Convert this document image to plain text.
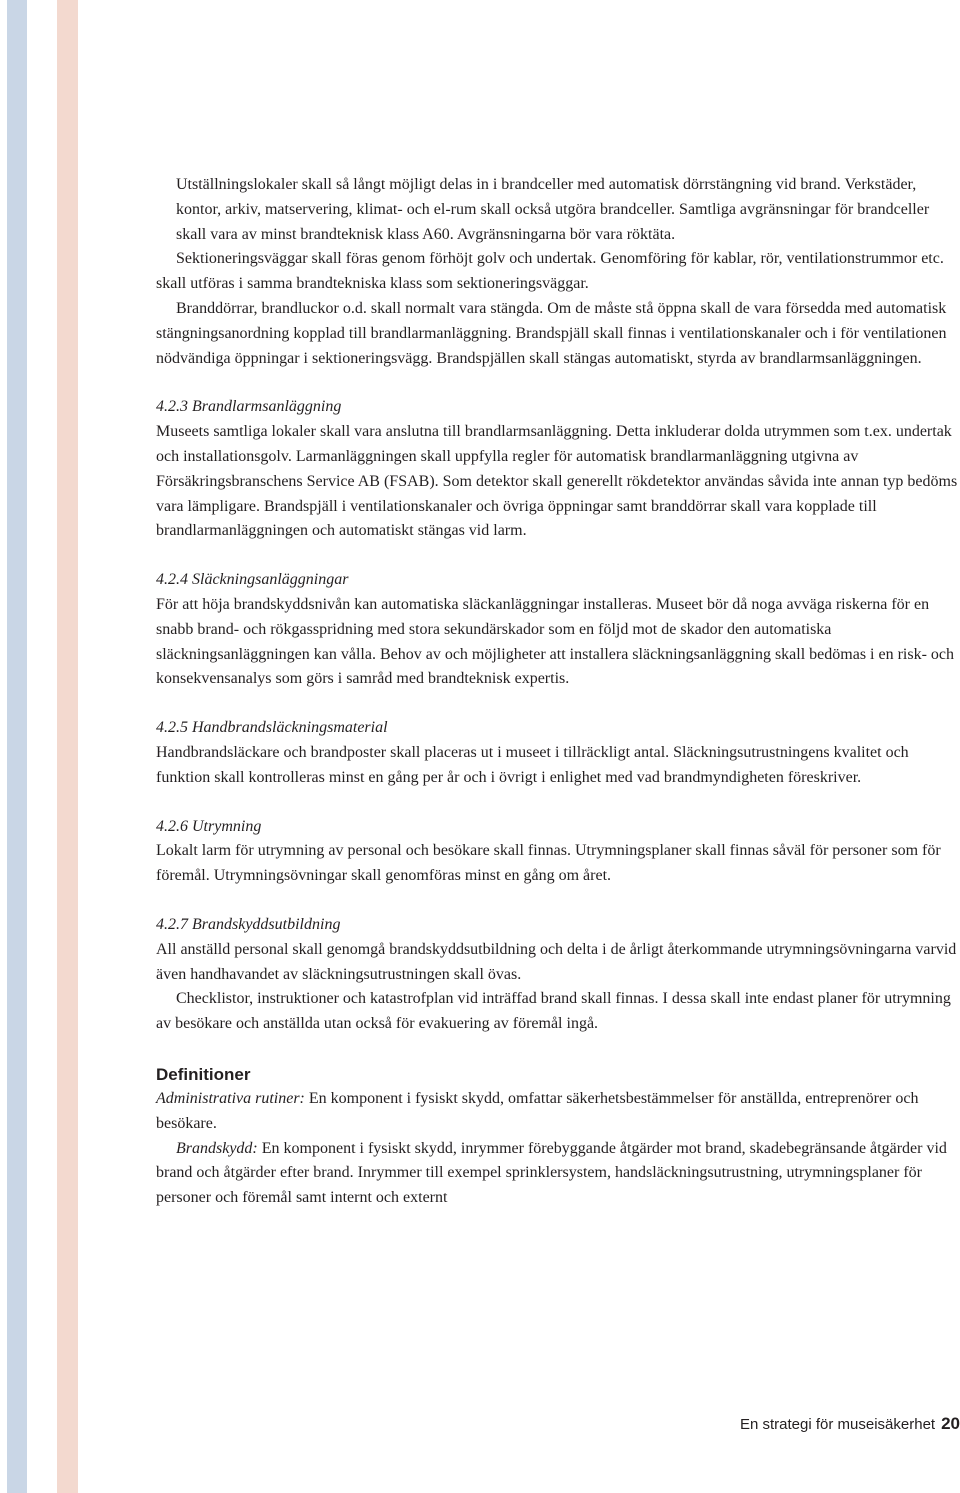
Utställningslokaler skall så långt möjligt delas in i brandceller med automatisk dörrstängning vid brand. Verkstäder, kontor, arkiv, matservering, klimat- och el-rum skall också utgöra brandceller. Samtliga avgränsningar för brandceller skall vara av minst brandteknisk klass A60. Avgränsningarna bör vara röktäta.

Sektioneringsväggar skall föras genom förhöjt golv och undertak. Genomföring för kablar, rör, ventilationstrummor etc. skall utföras i samma brandtekniska klass som sektioneringsväggar.

Branddörrar, brandluckor o.d. skall normalt vara stängda. Om de måste stå öppna skall de vara försedda med automatisk stängningsanordning kopplad till brandlarmanläggning. Brandspjäll skall finnas i ventilationskanaler och i för ventilationen nödvändiga öppningar i sektioneringsvägg. Brandspjällen skall stängas automatiskt, styrda av brandlarmsanläggningen.

4.2.3 Brandlarmsanläggning

Museets samtliga lokaler skall vara anslutna till brandlarmsanläggning. Detta inkluderar dolda utrymmen som t.ex. undertak och installationsgolv. Larmanläggningen skall uppfylla regler för automatisk brandlarmanläggning utgivna av Försäkringsbranschens Service AB (FSAB). Som detektor skall generellt rökdetektor användas såvida inte annan typ bedöms vara lämpligare. Brandspjäll i ventilationskanaler och övriga öppningar samt branddörrar skall vara kopplade till brandlarmanläggningen och automatiskt stängas vid larm.

4.2.4 Släckningsanläggningar

För att höja brandskyddsnivån kan automatiska släckanläggningar installeras. Museet bör då noga avväga riskerna för en snabb brand- och rökgasspridning med stora sekundärskador som en följd mot de skador den automatiska släckningsanläggningen kan vålla. Behov av och möjligheter att installera släckningsanläggning skall bedömas i en risk- och konsekvensanalys som görs i samråd med brandteknisk expertis.

4.2.5 Handbrandsläckningsmaterial

Handbrandsläckare och brandposter skall placeras ut i museet i tillräckligt antal. Släckningsutrustningens kvalitet och funktion skall kontrolleras minst en gång per år och i övrigt i enlighet med vad brandmyndigheten föreskriver.

4.2.6 Utrymning

Lokalt larm för utrymning av personal och besökare skall finnas. Utrymningsplaner skall finnas såväl för personer som för föremål. Utrymningsövningar skall genomföras minst en gång om året.

4.2.7 Brandskyddsutbildning

All anställd personal skall genomgå brandskyddsutbildning och delta i de årligt återkommande utrymningsövningarna varvid även handhavandet av släckningsutrustningen skall övas.

Checklistor, instruktioner och katastrofplan vid inträffad brand skall finnas. I dessa skall inte endast planer för utrymning av besökare och anställda utan också för evakuering av föremål ingå.

Definitioner

Administrativa rutiner: En komponent i fysiskt skydd, omfattar säkerhetsbestämmelser för anställda, entreprenörer och besökare.

Brandskydd: En komponent i fysiskt skydd, inrymmer förebyggande åtgärder mot brand, skadebegränsande åtgärder vid brand och åtgärder efter brand. Inrymmer till exempel sprinklersystem, handsläckningsutrustning, utrymningsplaner för personer och föremål samt internt och externt

En strategi för museisäkerhet 20
